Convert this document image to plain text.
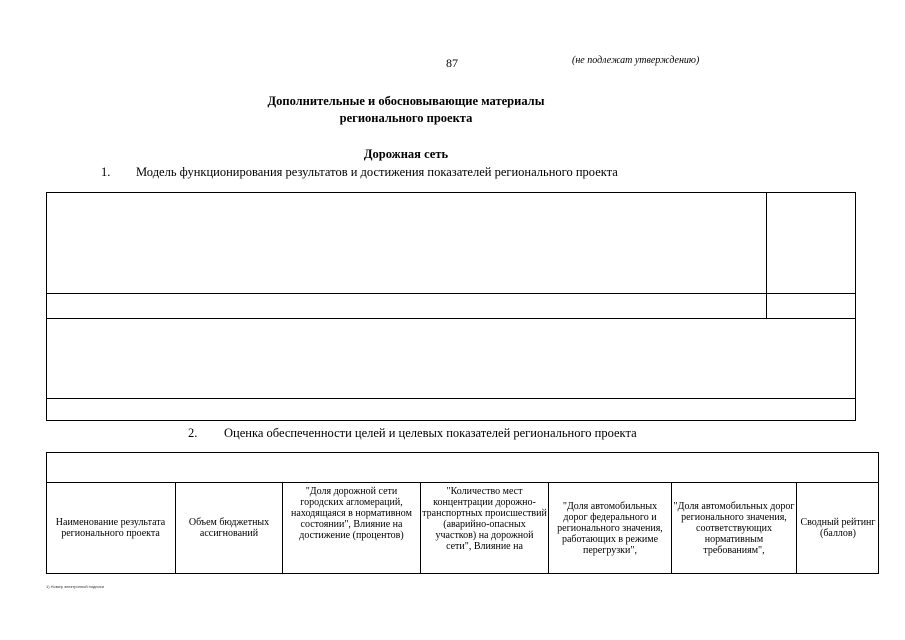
87	(не подлежат утверждению)
Дополнительные и обосновывающие материалы
регионального проекта
Дорожная сеть
1. Модель функционирования результатов и достижения показателей регионального проекта
2. Оценка обеспеченности целей и целевых показателей регионального проекта
Наименование результата регионального проекта
Объем бюджетных ассигнований
"Доля дорожной сети городских агломераций, находящаяся в нормативном состоянии", Влияние на достижение (процентов)
"Количество мест концентрации дорожно-транспортных происшествий (аварийно-опасных участков) на дорожной сети", Влияние на
"Доля автомобильных дорог федерального и регионального значения, работающих в режиме перегрузки",
"Доля автомобильных дорог регионального значения, соответствующих нормативным требованиям",
Сводный рейтинг (баллов)
1) Номер электронной подписи
